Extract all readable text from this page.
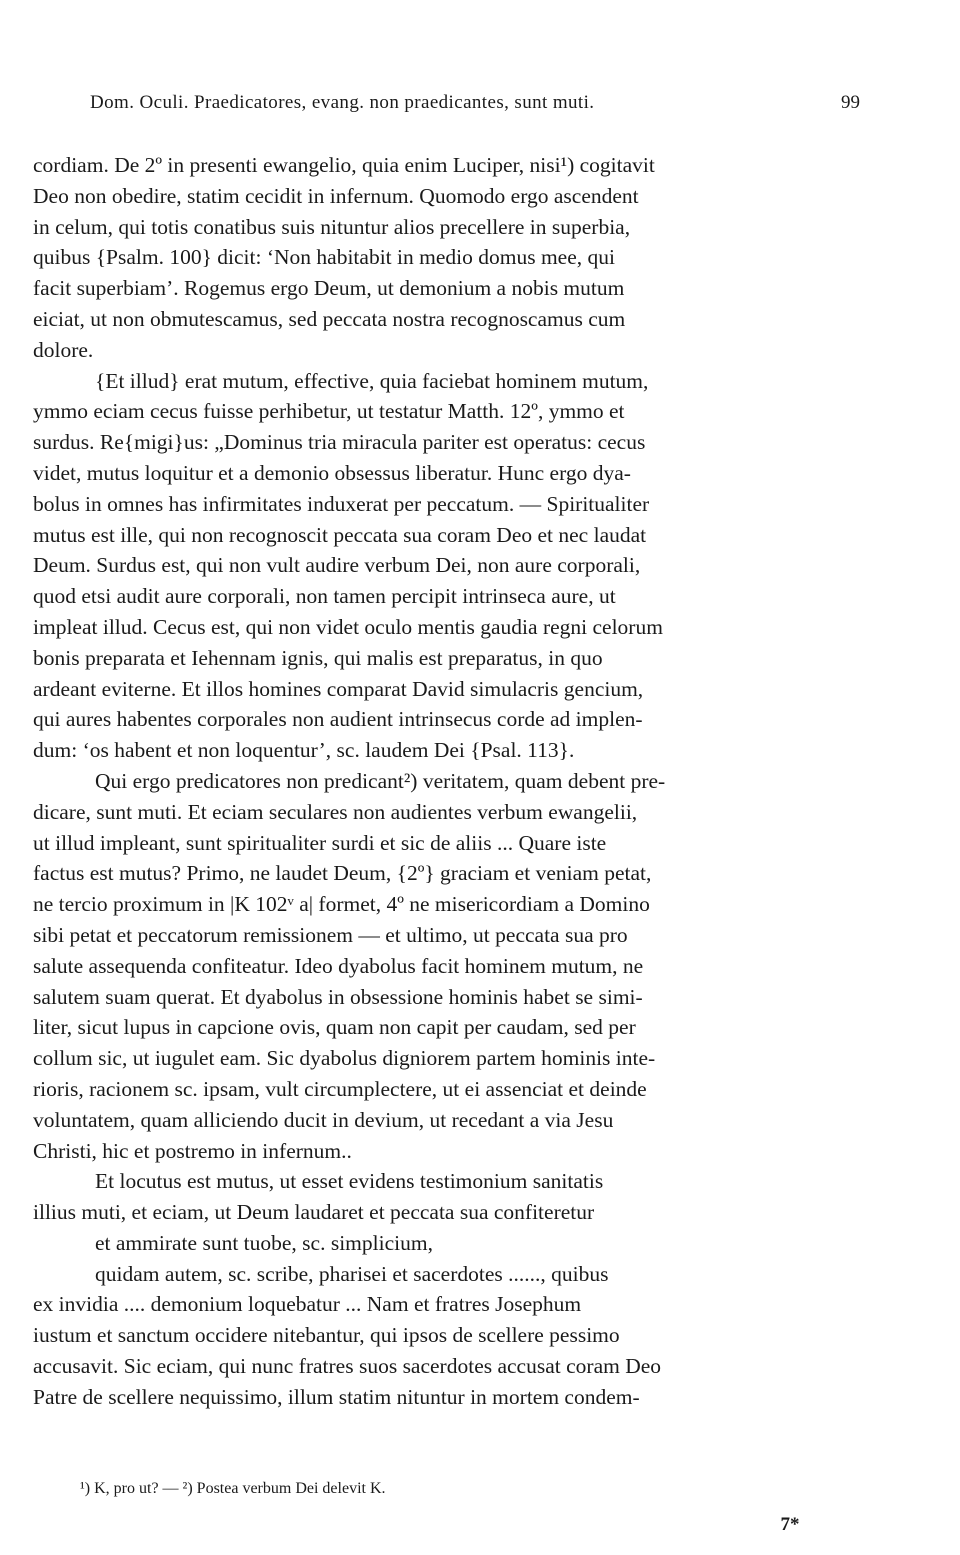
Dom. Oculi. Praedicatores, evang. non praedicantes, sunt muti.	99
cordiam. De 2º in presenti ewangelio, quia enim Luciper, nisi¹) cogitavit
Deo non obedire, statim cecidit in infernum. Quomodo ergo ascendent
in celum, qui totis conatibus suis nituntur alios precellere in superbia,
quibus {Psalm. 100} dicit: ‘Non habitabit in medio domus mee, qui
facit superbiam’. Rogemus ergo Deum, ut demonium a nobis mutum
eiciat, ut non obmutescamus, sed peccata nostra recognoscamus cum
dolore.
{Et illud} erat mutum, effective, quia faciebat hominem mutum,
ymmo eciam cecus fuisse perhibetur, ut testatur Matth. 12º, ymmo et
surdus. Re{migi}us: „Dominus tria miracula pariter est operatus: cecus
videt, mutus loquitur et a demonio obsessus liberatur. Hunc ergo dya-
bolus in omnes has infirmitates induxerat per peccatum. — Spiritualiter
mutus est ille, qui non recognoscit peccata sua coram Deo et nec laudat
Deum. Surdus est, qui non vult audire verbum Dei, non aure corporali,
quod etsi audit aure corporali, non tamen percipit intrinseca aure, ut
impleat illud. Cecus est, qui non videt oculo mentis gaudia regni celorum
bonis preparata et Iehennam ignis, qui malis est preparatus, in quo
ardeant eviterne. Et illos homines comparat David simulacris gencium,
qui aures habentes corporales non audient intrinsecus corde ad implen-
dum: ‘os habent et non loquentur’, sc. laudem Dei {Psal. 113}.
Qui ergo predicatores non predicant²) veritatem, quam debent pre-
dicare, sunt muti. Et eciam seculares non audientes verbum ewangelii,
ut illud impleant, sunt spiritualiter surdi et sic de aliis ... Quare iste
factus est mutus? Primo, ne laudet Deum, {2º} graciam et veniam petat,
ne tercio proximum in |K 102ᵛ a| formet, 4º ne misericordiam a Domino
sibi petat et peccatorum remissionem — et ultimo, ut peccata sua pro
salute assequenda confiteatur. Ideo dyabolus facit hominem mutum, ne
salutem suam querat. Et dyabolus in obsessione hominis habet se simi-
liter, sicut lupus in capcione ovis, quam non capit per caudam, sed per
collum sic, ut iugulet eam. Sic dyabolus digniorem partem hominis inte-
rioris, racionem sc. ipsam, vult circumplectere, ut ei assenciat et deinde
voluntatem, quam alliciendo ducit in devium, ut recedant a via Jesu
Christi, hic et postremo in infernum..
Et locutus est mutus, ut esset evidens testimonium sanitatis
illius muti, et eciam, ut Deum laudaret et peccata sua confiteretur
et ammirate sunt tuobe, sc. simplicium,
quidam autem, sc. scribe, pharisei et sacerdotes ......, quibus
ex invidia .... demonium loquebatur ... Nam et fratres Josephum
iustum et sanctum occidere nitebantur, qui ipsos de scellere pessimo
accusavit. Sic eciam, qui nunc fratres suos sacerdotes accusat coram Deo
Patre de scellere nequissimo, illum statim nituntur in mortem condem-
¹) K, pro ut? — ²) Postea verbum Dei delevit K.
7*
